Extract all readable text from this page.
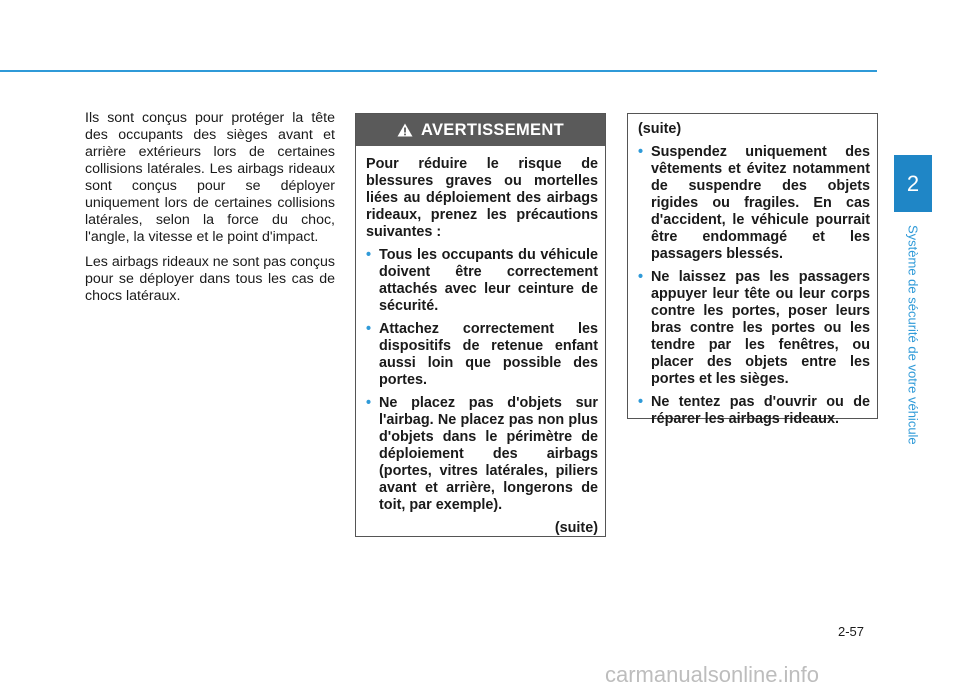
2
Système de sécurité de votre véhicule

Ils sont conçus pour protéger la tête des occupants des sièges avant et arrière extérieurs lors de certaines collisions latérales. Les airbags rideaux sont conçus pour se déployer uniquement lors de certaines collisions latérales, selon la force du choc, l'angle, la vitesse et le point d'impact.

Les airbags rideaux ne sont pas conçus pour se déployer dans tous les cas de chocs latéraux.

AVERTISSEMENT

Pour réduire le risque de blessures graves ou mortelles liées au déploiement des airbags rideaux, prenez les précautions suivantes :

• Tous les occupants du véhicule doivent être correctement attachés avec leur ceinture de sécurité.
• Attachez correctement les dispositifs de retenue enfant aussi loin que possible des portes.
• Ne placez pas d'objets sur l'airbag. Ne placez pas non plus d'objets dans le périmètre de déploiement des airbags (portes, vitres latérales, piliers avant et arrière, longerons de toit, par exemple).
(suite)

(suite)

• Suspendez uniquement des vêtements et évitez notamment de suspendre des objets rigides ou fragiles. En cas d'accident, le véhicule pourrait être endommagé et les passagers blessés.
• Ne laissez pas les passagers appuyer leur tête ou leur corps contre les portes, poser leurs bras contre les portes ou les tendre par les fenêtres, ou placer des objets entre les portes et les sièges.
• Ne tentez pas d'ouvrir ou de réparer les airbags rideaux.
2-57
carmanualsonline.info
